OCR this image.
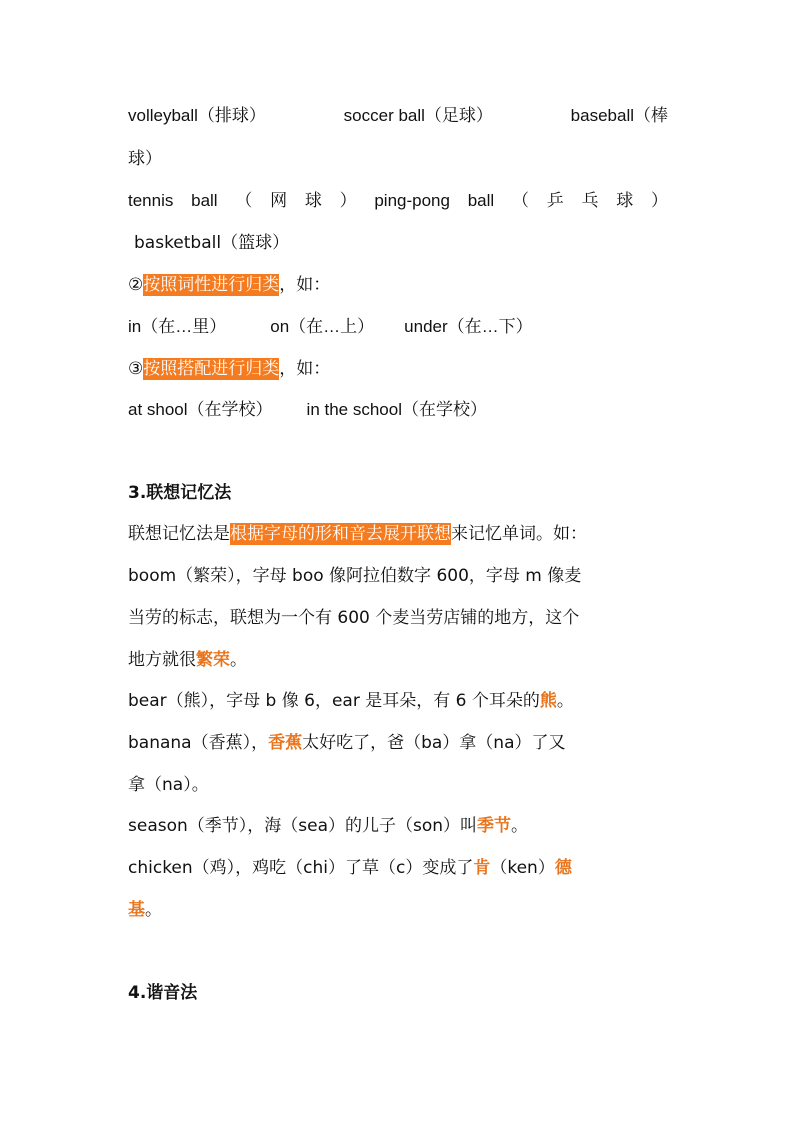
volleyball（排球）	soccer ball（足球）	baseball（棒
球）
tennis ball （ 网 球 ） ping-pong ball （ 乒 乓 球 ）
basketball（篮球）
②按照词性进行归类，如：
in（在…里）	on（在…上） under（在…下）
③按照搭配进行归类，如：
at shool（在学校） in the school（在学校）
3.联想记忆法
联想记忆法是根据字母的形和音去展开联想来记忆单词。如：
boom（繁荣），字母 boo 像阿拉伯数字 600，字母 m 像麦
当劳的标志，联想为一个有 600 个麦当劳店铺的地方，这个
地方就很繁荣。
bear（熊），字母 b 像 6，ear 是耳朵，有 6 个耳朵的熊。
banana（香蕉），香蕉太好吃了，爸（ba）拿（na）了又
拿（na）。
season（季节），海（sea）的儿子（son）叫季节。
chicken（鸡），鸡吃（chi）了草（c）变成了肯（ken）德
基。
4.谐音法
